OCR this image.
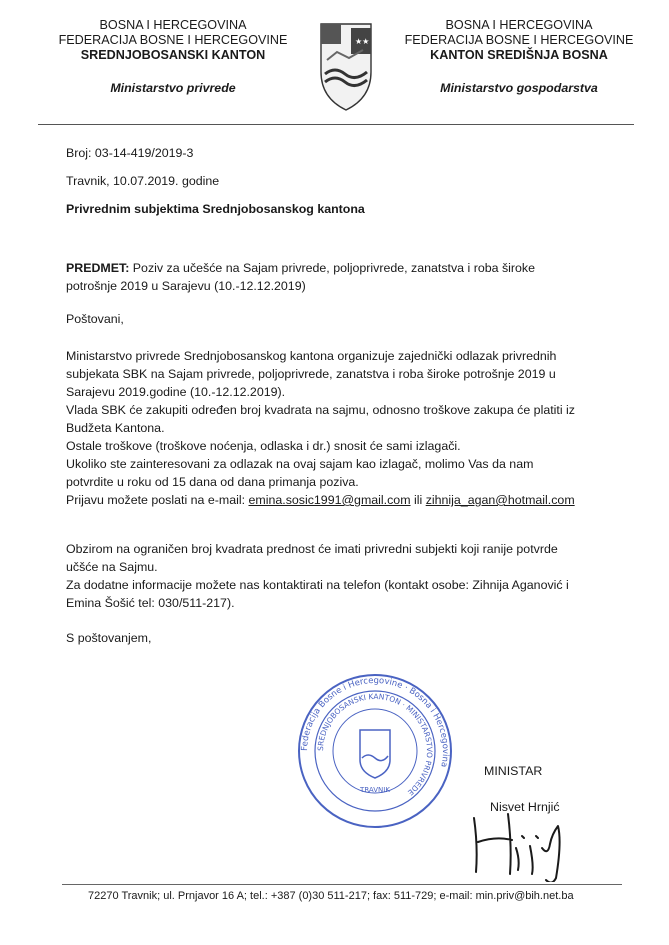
BOSNA I HERCEGOVINA
FEDERACIJA BOSNE I HERCEGOVINE
SREDNJOBOSANSKI KANTON
Ministarstvo privrede
★★
BOSNA I HERCEGOVINA
FEDERACIJA BOSNE I HERCEGOVINE
KANTON SREDIŠNJA BOSNA
Ministarstvo gospodarstva
Broj: 03-14-419/2019-3
Travnik, 10.07.2019. godine
Privrednim subjektima Srednjobosanskog kantona
PREDMET: Poziv za učešće na Sajam privrede, poljoprivrede, zanatstva i roba široke
potrošnje 2019 u Sarajevu (10.-12.12.2019)
Poštovani,
Ministarstvo privrede Srednjobosanskog kantona organizuje zajednički odlazak privrednih
subjekata SBK na Sajam privrede, poljoprivrede, zanatstva i roba široke potrošnje 2019 u
Sarajevu 2019.godine (10.-12.12.2019).
Vlada SBK će zakupiti određen broj kvadrata na sajmu, odnosno troškove zakupa će platiti iz
Budžeta Kantona.
Ostale troškove (troškove noćenja, odlaska i dr.) snosit će sami izlagači.
Ukoliko ste zainteresovani za odlazak na ovaj sajam kao izlagač, molimo Vas da nam
potvrdite u roku od 15 dana od dana primanja poziva.
Prijavu možete poslati na e-mail: emina.sosic1991@gmail.com ili zihnija_agan@hotmail.com
Obzirom na ograničen broj kvadrata prednost će imati privredni subjekti koji ranije potvrde
učšće na Sajmu.
Za dodatne informacije možete nas kontaktirati na telefon (kontakt osobe: Zihnija Aganović i
Emina Šošić tel: 030/511-217).
S poštovanjem,
Federacija Bosne i Hercegovine · Bosna i Hercegovina
SREDNJOBOSANSKI KANTON · MINISTARSTVO PRIVREDE
TRAVNIK
MINISTAR
Nisvet Hrnjić
72270 Travnik; ul. Prnjavor 16 A; tel.: +387 (0)30 511-217; fax: 511-729; e-mail: min.priv@bih.net.ba
